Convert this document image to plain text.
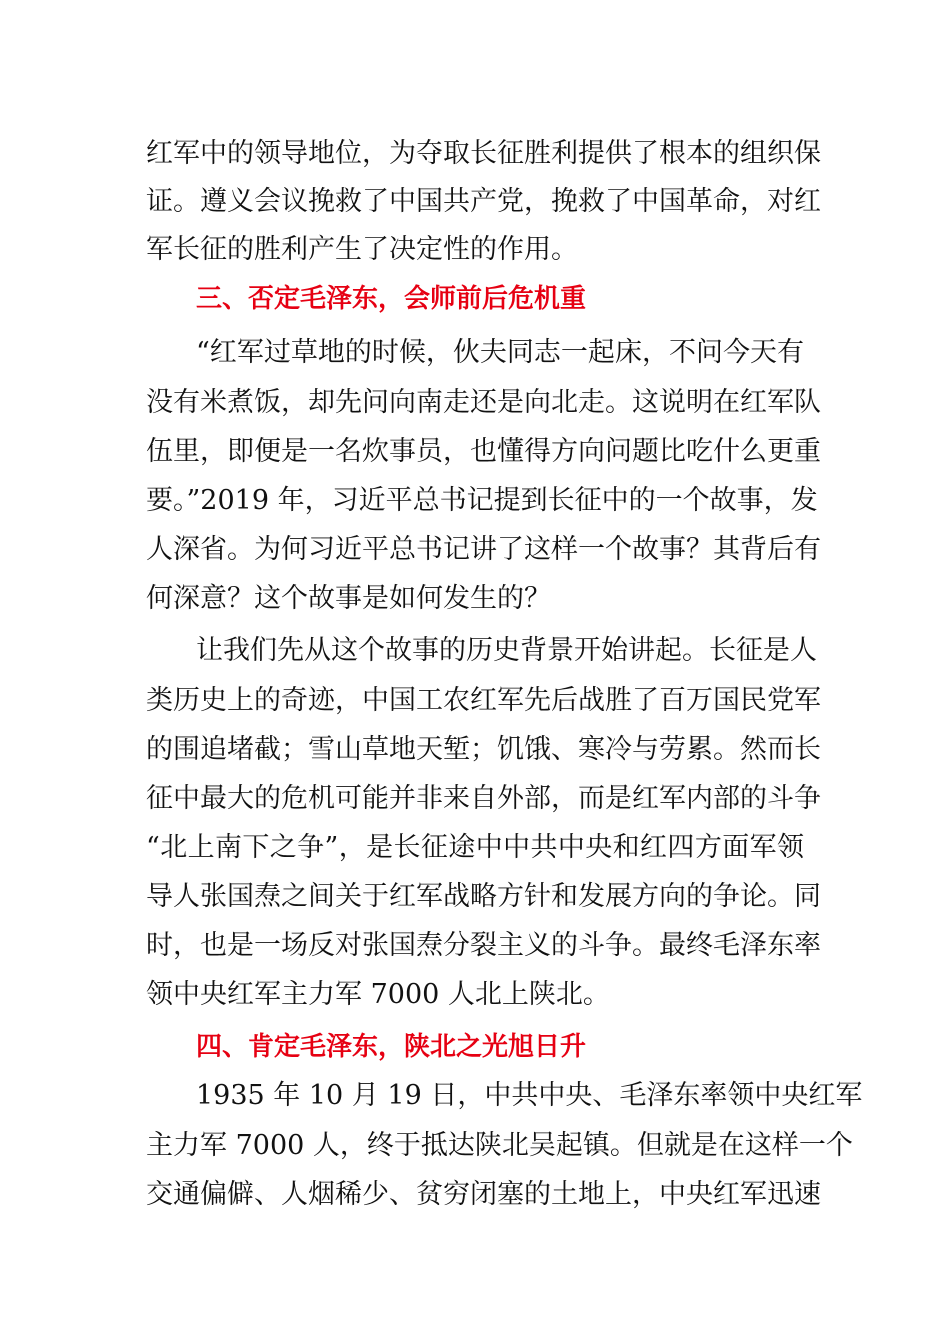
红军中的领导地位，为夺取长征胜利提供了根本的组织保
证。遵义会议挽救了中国共产党，挽救了中国革命，对红
军长征的胜利产生了决定性的作用。
三、否定毛泽东，会师前后危机重
“红军过草地的时候，伙夫同志一起床，不问今天有
没有米煮饭，却先问向南走还是向北走。这说明在红军队
伍里，即便是一名炊事员，也懂得方向问题比吃什么更重
要。”2019 年，习近平总书记提到长征中的一个故事，发
人深省。为何习近平总书记讲了这样一个故事？其背后有
何深意？这个故事是如何发生的？
让我们先从这个故事的历史背景开始讲起。长征是人
类历史上的奇迹，中国工农红军先后战胜了百万国民党军
的围追堵截；雪山草地天堑；饥饿、寒冷与劳累。然而长
征中最大的危机可能并非来自外部，而是红军内部的斗争
“北上南下之争”，是长征途中中共中央和红四方面军领
导人张国焘之间关于红军战略方针和发展方向的争论。同
时，也是一场反对张国焘分裂主义的斗争。最终毛泽东率
领中央红军主力军 7000 人北上陕北。
四、肯定毛泽东，陕北之光旭日升
1935 年 10 月 19 日，中共中央、毛泽东率领中央红军
主力军 7000 人，终于抵达陕北吴起镇。但就是在这样一个
交通偏僻、人烟稀少、贫穷闭塞的土地上，中央红军迅速
